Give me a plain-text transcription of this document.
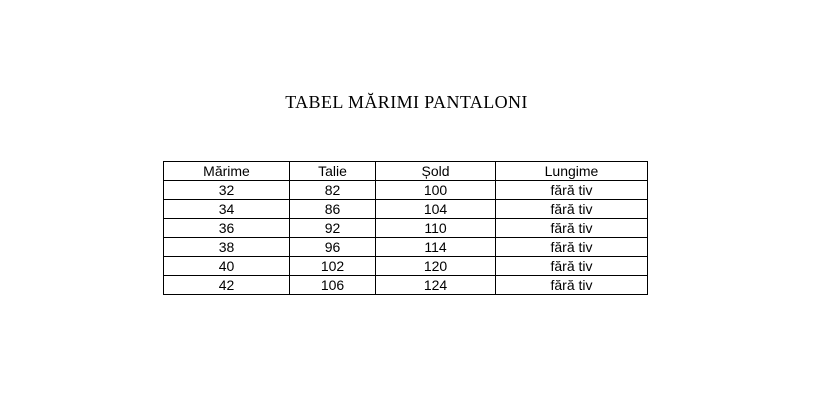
TABEL MĂRIMI PANTALONI
Mărime	Talie	Șold	Lungime
32	82	100	fără tiv
34	86	104	fără tiv
36	92	110	fără tiv
38	96	114	fără tiv
40	102	120	fără tiv
42	106	124	fără tiv
